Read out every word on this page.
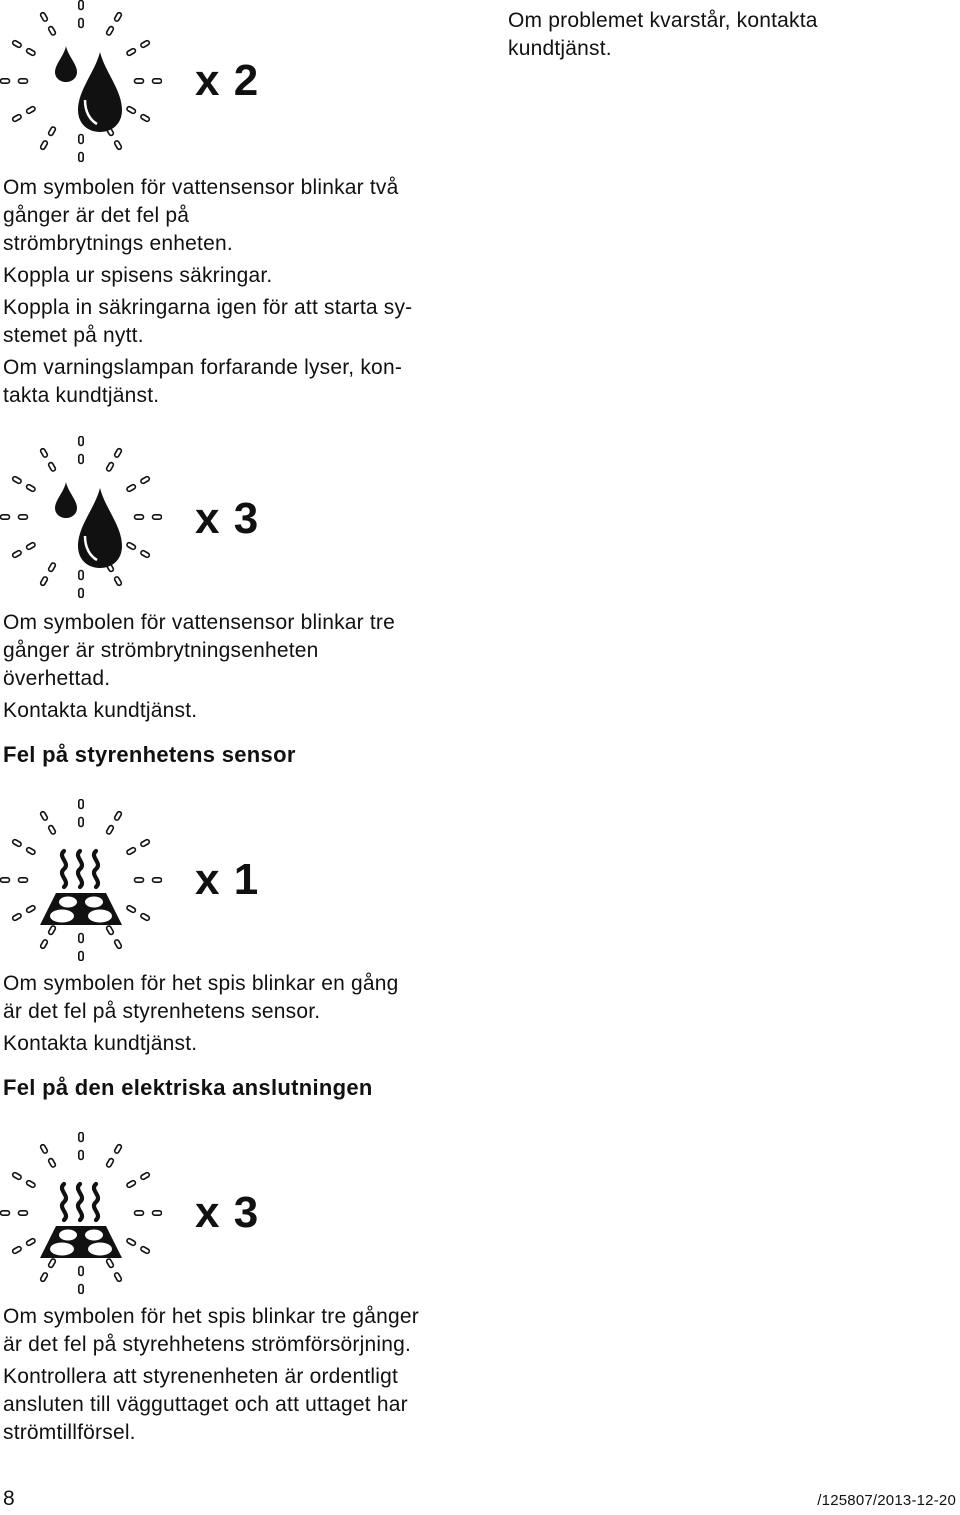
Om problemet kvarstår, kontakta
kundtjänst.
x 2
Om symbolen för vattensensor blinkar två
gånger är det fel på
strömbrytnings enheten.
Koppla ur spisens säkringar.
Koppla in säkringarna igen för att starta sy-
stemet på nytt.
Om varningslampan forfarande lyser, kon-
takta kundtjänst.
x 3
Om symbolen för vattensensor blinkar tre
gånger är strömbrytningsenheten
överhettad.
Kontakta kundtjänst.
Fel på styrenhetens sensor
x 1
Om symbolen för het spis blinkar en gång
är det fel på styrenhetens sensor.
Kontakta kundtjänst.
Fel på den elektriska anslutningen
x 3
Om symbolen för het spis blinkar tre gånger
är det fel på styrehhetens strömförsörjning.
Kontrollera att styrenenheten är ordentligt
ansluten till vägguttaget och att uttaget har
strömtillförsel.
8	/125807/2013-12-20
